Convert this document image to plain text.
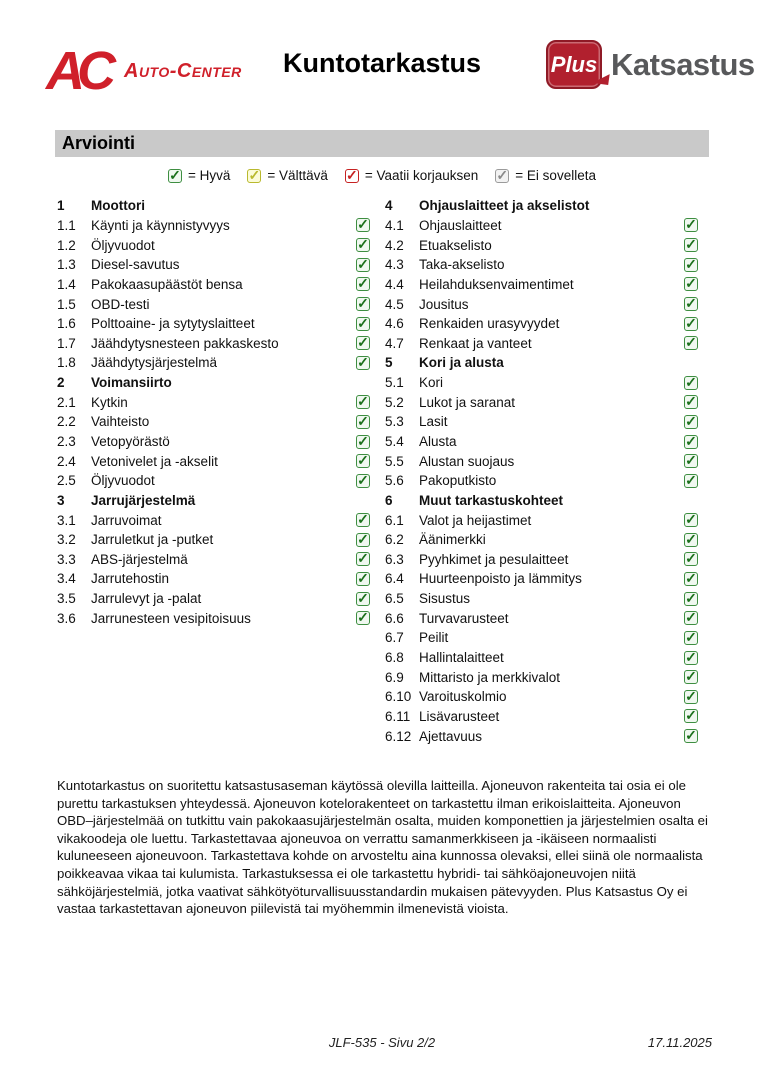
AC Auto-Center	Kuntotarkastus	Plus Katsastus
Arviointi
✓ = Hyvä ✓ = Välttävä ✓ = Vaatii korjauksen ✓ = Ei sovelleta
1	Moottori
1.1	Käynti ja käynnistyvyys	✓
1.2	Öljyvuodot	✓
1.3	Diesel-savutus	✓
1.4	Pakokaasupäästöt bensa	✓
1.5	OBD-testi	✓
1.6	Polttoaine- ja sytytyslaitteet	✓
1.7	Jäähdytysnesteen pakkaskesto	✓
1.8	Jäähdytysjärjestelmä	✓
2	Voimansiirto
2.1	Kytkin	✓
2.2	Vaihteisto	✓
2.3	Vetopyörästö	✓
2.4	Vetonivelet ja -akselit	✓
2.5	Öljyvuodot	✓
3	Jarrujärjestelmä
3.1	Jarruvoimat	✓
3.2	Jarruletkut ja -putket	✓
3.3	ABS-järjestelmä	✓
3.4	Jarrutehostin	✓
3.5	Jarrulevyt ja -palat	✓
3.6	Jarrunesteen vesipitoisuus	✓
4	Ohjauslaitteet ja akselistot
4.1	Ohjauslaitteet	✓
4.2	Etuakselisto	✓
4.3	Taka-akselisto	✓
4.4	Heilahduksenvaimentimet	✓
4.5	Jousitus	✓
4.6	Renkaiden urasyvyydet	✓
4.7	Renkaat ja vanteet	✓
5	Kori ja alusta
5.1	Kori	✓
5.2	Lukot ja saranat	✓
5.3	Lasit	✓
5.4	Alusta	✓
5.5	Alustan suojaus	✓
5.6	Pakoputkisto	✓
6	Muut tarkastuskohteet
6.1	Valot ja heijastimet	✓
6.2	Äänimerkki	✓
6.3	Pyyhkimet ja pesulaitteet	✓
6.4	Huurteenpoisto ja lämmitys	✓
6.5	Sisustus	✓
6.6	Turvavarusteet	✓
6.7	Peilit	✓
6.8	Hallintalaitteet	✓
6.9	Mittaristo ja merkkivalot	✓
6.10 Varoituskolmio	✓
6.11 Lisävarusteet	✓
6.12 Ajettavuus	✓
Kuntotarkastus on suoritettu katsastusaseman käytössä olevilla laitteilla. Ajoneuvon rakenteita tai osia ei ole purettu tarkastuksen yhteydessä. Ajoneuvon kotelorakenteet on tarkastettu ilman erikoislaitteita. Ajoneuvon OBD–järjestelmää on tutkittu vain pakokaasujärjestelmän osalta, muiden komponettien ja järjestelmien osalta ei vikakoodeja ole luettu. Tarkastettavaa ajoneuvoa on verrattu samanmerkkiseen ja -ikäiseen normaalisti kuluneeseen ajoneuvoon. Tarkastettava kohde on arvosteltu aina kunnossa olevaksi, ellei siinä ole normaalista poikkeavaa vikaa tai kulumista. Tarkastuksessa ei ole tarkastettu hybridi- tai sähköajoneuvojen niitä sähköjärjestelmiä, jotka vaativat sähkötyöturvallisuusstandardin mukaisen pätevyyden. Plus Katsastus Oy ei vastaa tarkastettavan ajoneuvon piilevistä tai myöhemmin ilmenevistä vioista.
JLF-535 - Sivu 2/2	17.11.2025
